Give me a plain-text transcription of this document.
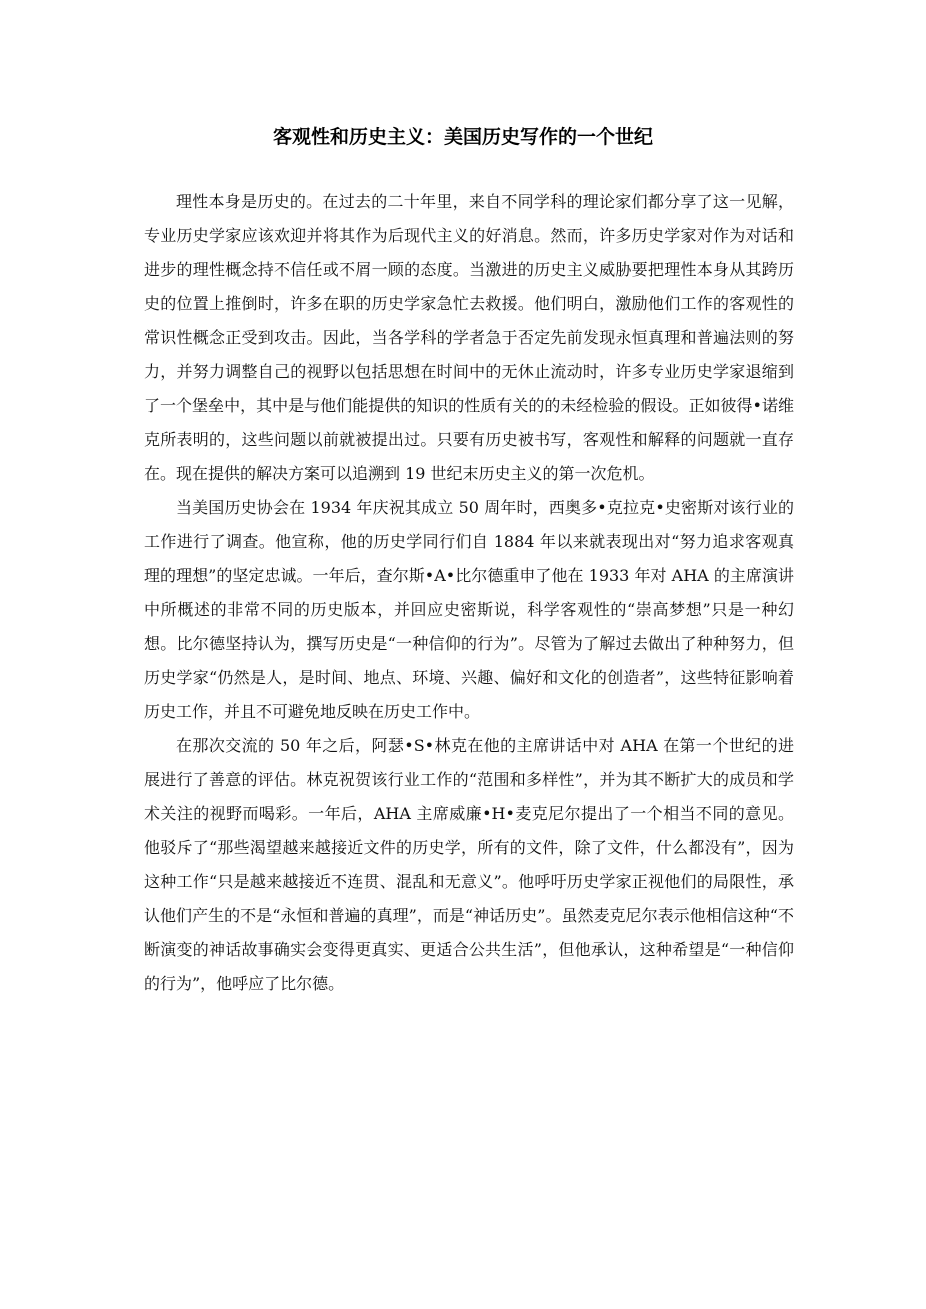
客观性和历史主义：美国历史写作的一个世纪

理性本身是历史的。在过去的二十年里，来自不同学科的理论家们都分享了这一见解，专业历史学家应该欢迎并将其作为后现代主义的好消息。然而，许多历史学家对作为对话和进步的理性概念持不信任或不屑一顾的态度。当激进的历史主义威胁要把理性本身从其跨历史的位置上推倒时，许多在职的历史学家急忙去救援。他们明白，激励他们工作的客观性的常识性概念正受到攻击。因此，当各学科的学者急于否定先前发现永恒真理和普遍法则的努力，并努力调整自己的视野以包括思想在时间中的无休止流动时，许多专业历史学家退缩到了一个堡垒中，其中是与他们能提供的知识的性质有关的的未经检验的假设。正如彼得•诺维克所表明的，这些问题以前就被提出过。只要有历史被书写，客观性和解释的问题就一直存在。现在提供的解决方案可以追溯到 19 世纪末历史主义的第一次危机。

当美国历史协会在 1934 年庆祝其成立 50 周年时，西奥多•克拉克•史密斯对该行业的工作进行了调查。他宣称，他的历史学同行们自 1884 年以来就表现出对“努力追求客观真理的理想”的坚定忠诚。一年后，查尔斯•A•比尔德重申了他在 1933 年对 AHA 的主席演讲中所概述的非常不同的历史版本，并回应史密斯说，科学客观性的“崇高梦想”只是一种幻想。比尔德坚持认为，撰写历史是“一种信仰的行为”。尽管为了解过去做出了种种努力，但历史学家“仍然是人，是时间、地点、环境、兴趣、偏好和文化的创造者”，这些特征影响着历史工作，并且不可避免地反映在历史工作中。

在那次交流的 50 年之后，阿瑟•S•林克在他的主席讲话中对 AHA 在第一个世纪的进展进行了善意的评估。林克祝贺该行业工作的“范围和多样性”，并为其不断扩大的成员和学术关注的视野而喝彩。一年后，AHA 主席威廉•H•麦克尼尔提出了一个相当不同的意见。他驳斥了“那些渴望越来越接近文件的历史学，所有的文件，除了文件，什么都没有”，因为这种工作“只是越来越接近不连贯、混乱和无意义”。他呼吁历史学家正视他们的局限性，承认他们产生的不是“永恒和普遍的真理”，而是“神话历史”。虽然麦克尼尔表示他相信这种“不断演变的神话故事确实会变得更真实、更适合公共生活”，但他承认，这种希望是“一种信仰的行为”，他呼应了比尔德。
